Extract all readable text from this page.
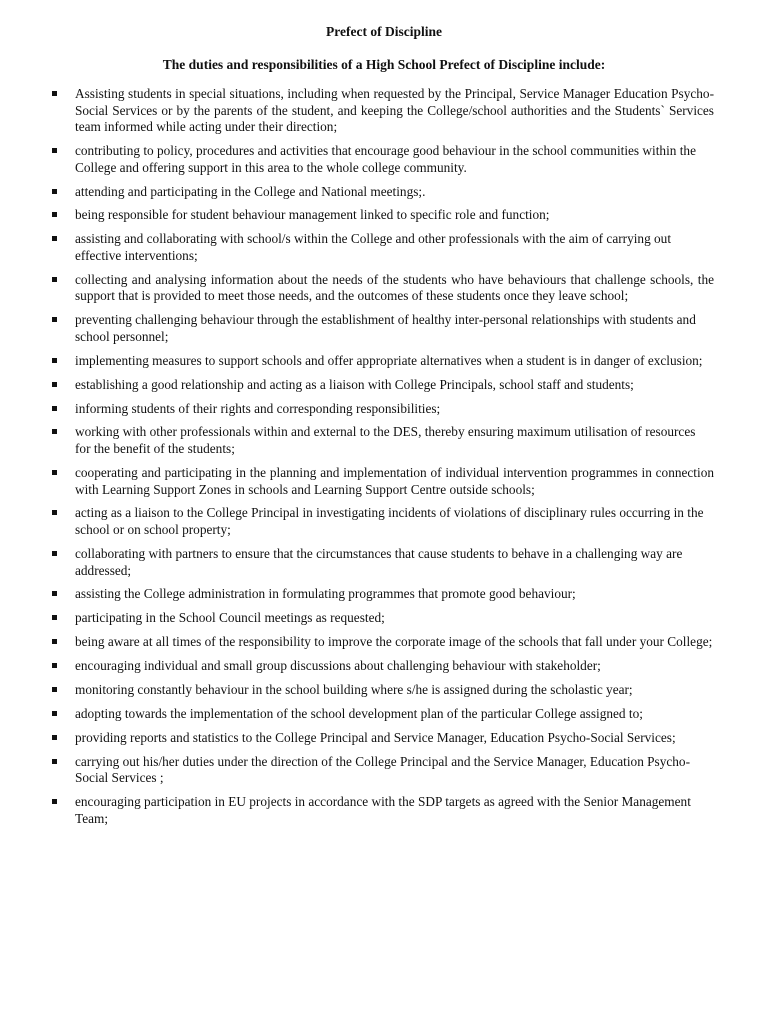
Prefect of Discipline
The duties and responsibilities of a High School Prefect of Discipline include:
Assisting students in special situations, including when requested by the Principal, Service Manager Education Psycho-Social Services or by the parents of the student, and keeping the College/school authorities and the Students` Services team informed while acting under their direction;
contributing to policy, procedures and activities that encourage good behaviour in the school communities within the College and offering support in this area to the whole college community.
attending and participating in the College and National meetings;.
being responsible for student behaviour management linked to specific role and function;
assisting and collaborating with school/s within the College and other professionals with the aim of carrying out effective interventions;
collecting and analysing information about the needs of the students who have behaviours that challenge schools, the support that is provided to meet those needs, and the outcomes of these students once they leave school;
preventing challenging behaviour through the establishment of healthy inter-personal relationships with students and school personnel;
implementing measures to support schools and offer appropriate alternatives when a student is in danger of exclusion;
establishing a good relationship and acting as a liaison with College Principals, school staff and students;
informing students of their rights and corresponding responsibilities;
working with other professionals within and external to the DES, thereby ensuring maximum utilisation of resources for the benefit of the students;
cooperating and participating in the planning and implementation of individual intervention programmes in connection with Learning Support Zones in schools and Learning Support Centre outside schools;
acting as a liaison to the College Principal in investigating incidents of violations of disciplinary rules occurring in the school or on school property;
collaborating with partners to ensure that the circumstances that cause students to behave in a challenging way are addressed;
assisting the College administration in formulating programmes that promote good behaviour;
participating in the School Council meetings as requested;
being aware at all times of the responsibility to improve the corporate image of the schools that fall under your College;
encouraging individual and small group discussions about challenging behaviour with stakeholder;
monitoring constantly behaviour in the school building where s/he is assigned during the scholastic year;
adopting towards the implementation of the school development plan of the particular College assigned to;
providing reports and statistics to the College Principal and Service Manager, Education Psycho-Social Services;
carrying out his/her duties under the direction of the College Principal and the Service Manager, Education Psycho-Social Services ;
encouraging participation in EU projects in accordance with the SDP targets as agreed with the Senior Management Team;
